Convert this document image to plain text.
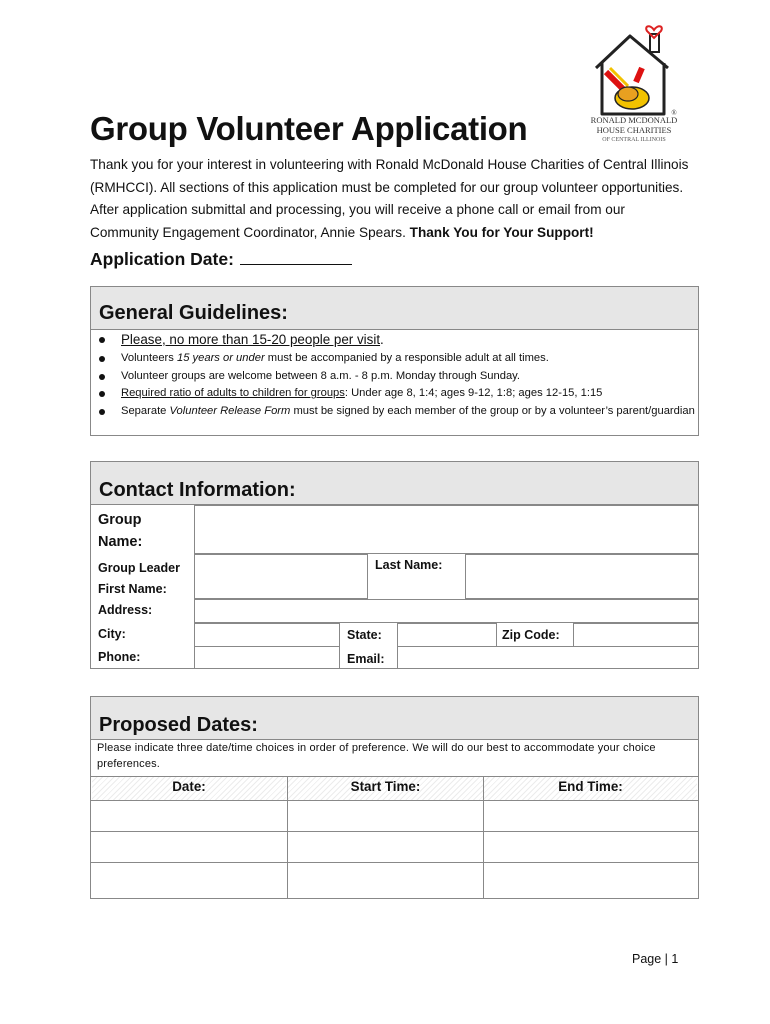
RONALD MCDONALD
HOUSE CHARITIES
OF CENTRAL ILLINOIS
®
Group Volunteer Application
Thank you for your interest in volunteering with Ronald McDonald House Charities of Central Illinois (RMHCCI). All sections of this application must be completed for our group volunteer opportunities. After application submittal and processing, you will receive a phone call or email from our Community Engagement Coordinator, Annie Spears. Thank You for Your Support!
Application Date:
General Guidelines:
Please, no more than 15-20 people per visit.
Volunteers 15 years or under must be accompanied by a responsible adult at all times.
Volunteer groups are welcome between 8 a.m. - 8 p.m. Monday through Sunday.
Required ratio of adults to children for groups: Under age 8, 1:4; ages 9-12, 1:8; ages 12-15, 1:15
Separate Volunteer Release Form must be signed by each member of the group or by a volunteer’s parent/guardian
Contact Information:
Group
Name:
Group Leader
First Name:
Last Name:
Address:
City:	State:	Zip Code:
Phone:	Email:
Proposed Dates:
Please indicate three date/time choices in order of preference. We will do our best to accommodate your choice preferences.
Date:	Start Time:	End Time:
Page | 1
